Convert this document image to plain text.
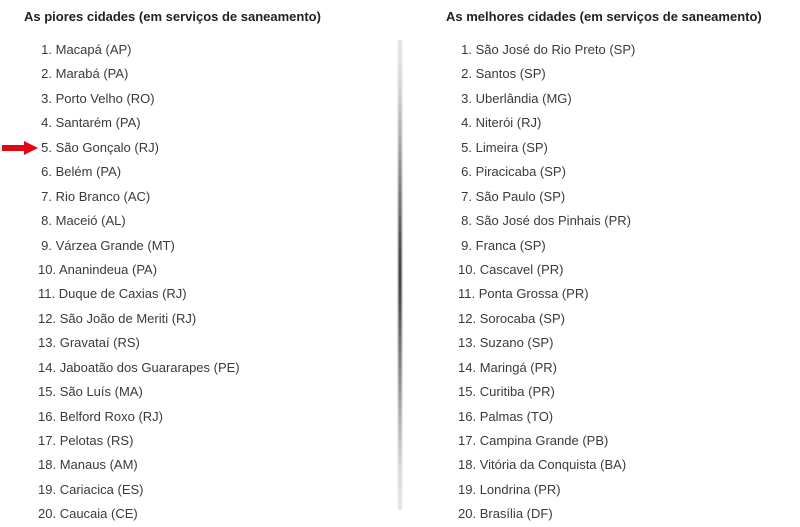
As piores cidades (em serviços de saneamento)
1. Macapá (AP)
2. Marabá (PA)
3. Porto Velho (RO)
4. Santarém (PA)
5. São Gonçalo (RJ)
6. Belém (PA)
7. Rio Branco (AC)
8. Maceió (AL)
9. Várzea Grande (MT)
10. Ananindeua (PA)
11. Duque de Caxias (RJ)
12. São João de Meriti (RJ)
13. Gravataí (RS)
14. Jaboatão dos Guararapes (PE)
15. São Luís (MA)
16. Belford Roxo (RJ)
17. Pelotas (RS)
18. Manaus (AM)
19. Cariacica (ES)
20. Caucaia (CE)
As melhores cidades (em serviços de saneamento)
1. São José do Rio Preto (SP)
2. Santos (SP)
3. Uberlândia (MG)
4. Niterói (RJ)
5. Limeira (SP)
6. Piracicaba (SP)
7. São Paulo (SP)
8. São José dos Pinhais (PR)
9. Franca (SP)
10. Cascavel (PR)
11. Ponta Grossa (PR)
12. Sorocaba (SP)
13. Suzano (SP)
14. Maringá (PR)
15. Curitiba (PR)
16. Palmas (TO)
17. Campina Grande (PB)
18. Vitória da Conquista (BA)
19. Londrina (PR)
20. Brasília (DF)
